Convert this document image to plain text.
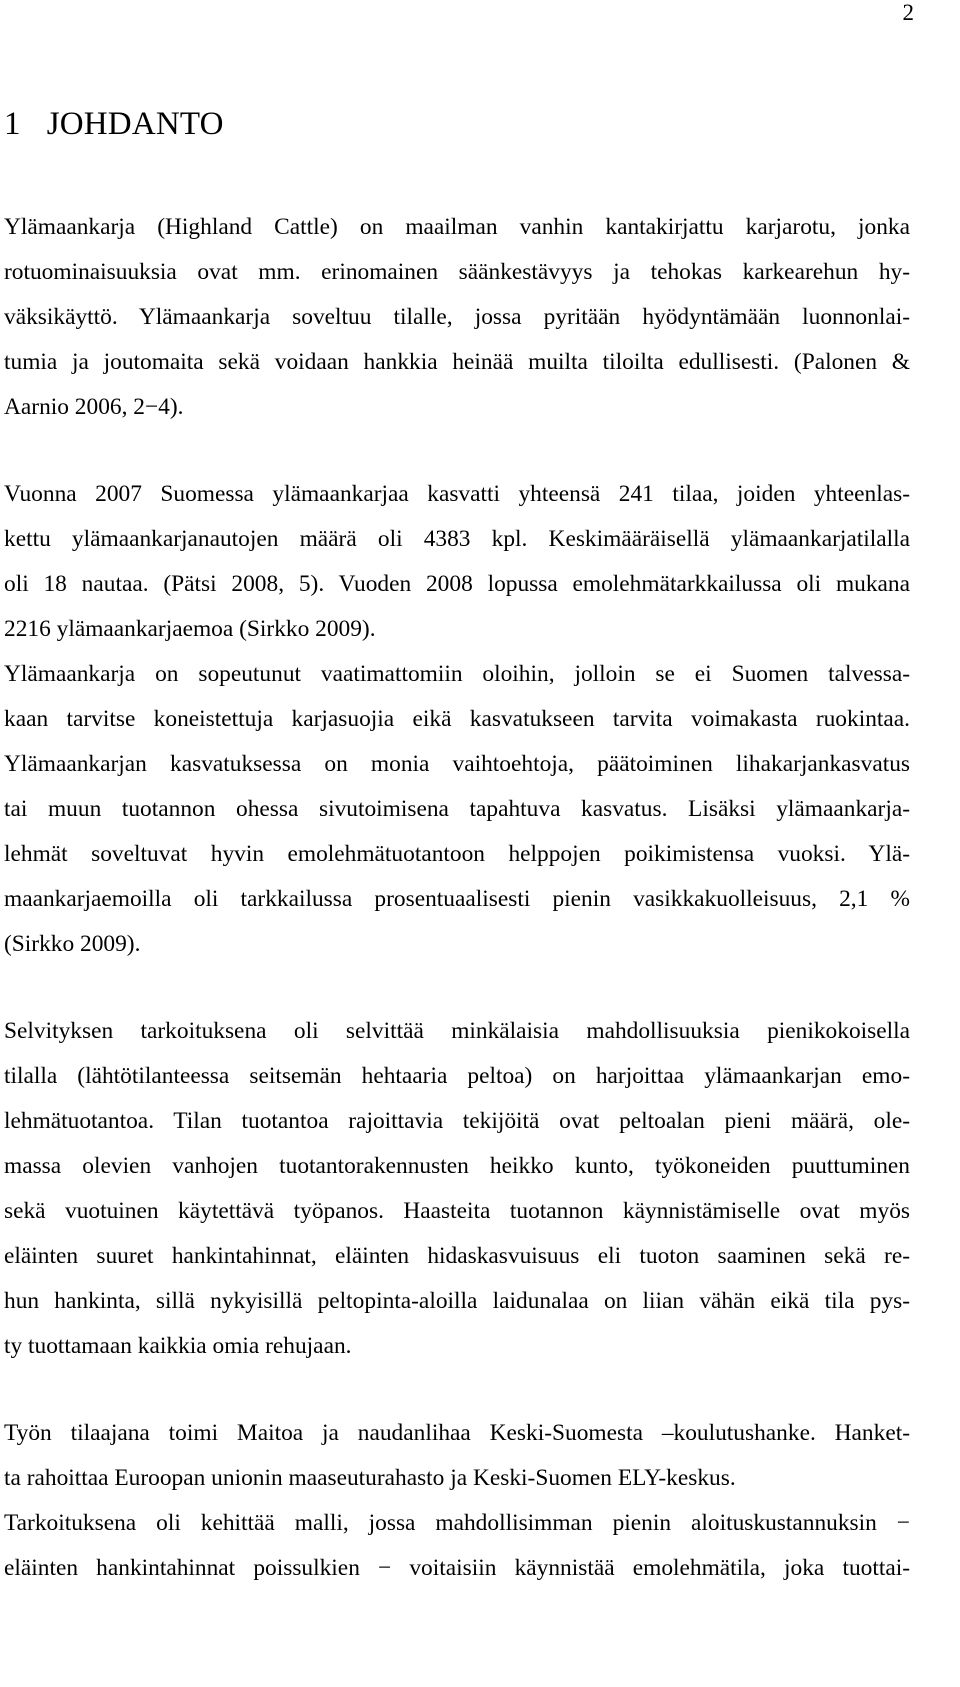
2
1 JOHDANTO
Ylämaankarja (Highland Cattle) on maailman vanhin kantakirjattu karjarotu, jonka
rotuominaisuuksia ovat mm. erinomainen säänkestävyys ja tehokas karkearehun hy-
väksikäyttö. Ylämaankarja soveltuu tilalle, jossa pyritään hyödyntämään luonnonlai-
tumia ja joutomaita sekä voidaan hankkia heinää muilta tiloilta edullisesti. (Palonen &
Aarnio 2006, 2−4).
Vuonna 2007 Suomessa ylämaankarjaa kasvatti yhteensä 241 tilaa, joiden yhteenlas-
kettu ylämaankarjanautojen määrä oli 4383 kpl. Keskimääräisellä ylämaankarjatilalla
oli 18 nautaa. (Pätsi 2008, 5). Vuoden 2008 lopussa emolehmätarkkailussa oli mukana
2216 ylämaankarjaemoa (Sirkko 2009).
Ylämaankarja on sopeutunut vaatimattomiin oloihin, jolloin se ei Suomen talvessa-
kaan tarvitse koneistettuja karjasuojia eikä kasvatukseen tarvita voimakasta ruokintaa.
Ylämaankarjan kasvatuksessa on monia vaihtoehtoja, päätoiminen lihakarjankasvatus
tai muun tuotannon ohessa sivutoimisena tapahtuva kasvatus. Lisäksi ylämaankarja-
lehmät soveltuvat hyvin emolehmätuotantoon helppojen poikimistensa vuoksi. Ylä-
maankarjaemoilla oli tarkkailussa prosentuaalisesti pienin vasikkakuolleisuus, 2,1 %
(Sirkko 2009).
Selvityksen tarkoituksena oli selvittää minkälaisia mahdollisuuksia pienikokoisella
tilalla (lähtötilanteessa seitsemän hehtaaria peltoa) on harjoittaa ylämaankarjan emo-
lehmätuotantoa. Tilan tuotantoa rajoittavia tekijöitä ovat peltoalan pieni määrä, ole-
massa olevien vanhojen tuotantorakennusten heikko kunto, työkoneiden puuttuminen
sekä vuotuinen käytettävä työpanos. Haasteita tuotannon käynnistämiselle ovat myös
eläinten suuret hankintahinnat, eläinten hidaskasvuisuus eli tuoton saaminen sekä re-
hun hankinta, sillä nykyisillä peltopinta-aloilla laidunalaa on liian vähän eikä tila pys-
ty tuottamaan kaikkia omia rehujaan.
Työn tilaajana toimi Maitoa ja naudanlihaa Keski-Suomesta –koulutushanke. Hanket-
ta rahoittaa Euroopan unionin maaseuturahasto ja Keski-Suomen ELY-keskus.
Tarkoituksena oli kehittää malli, jossa mahdollisimman pienin aloituskustannuksin −
eläinten hankintahinnat poissulkien − voitaisiin käynnistää emolehmätila, joka tuottai-
